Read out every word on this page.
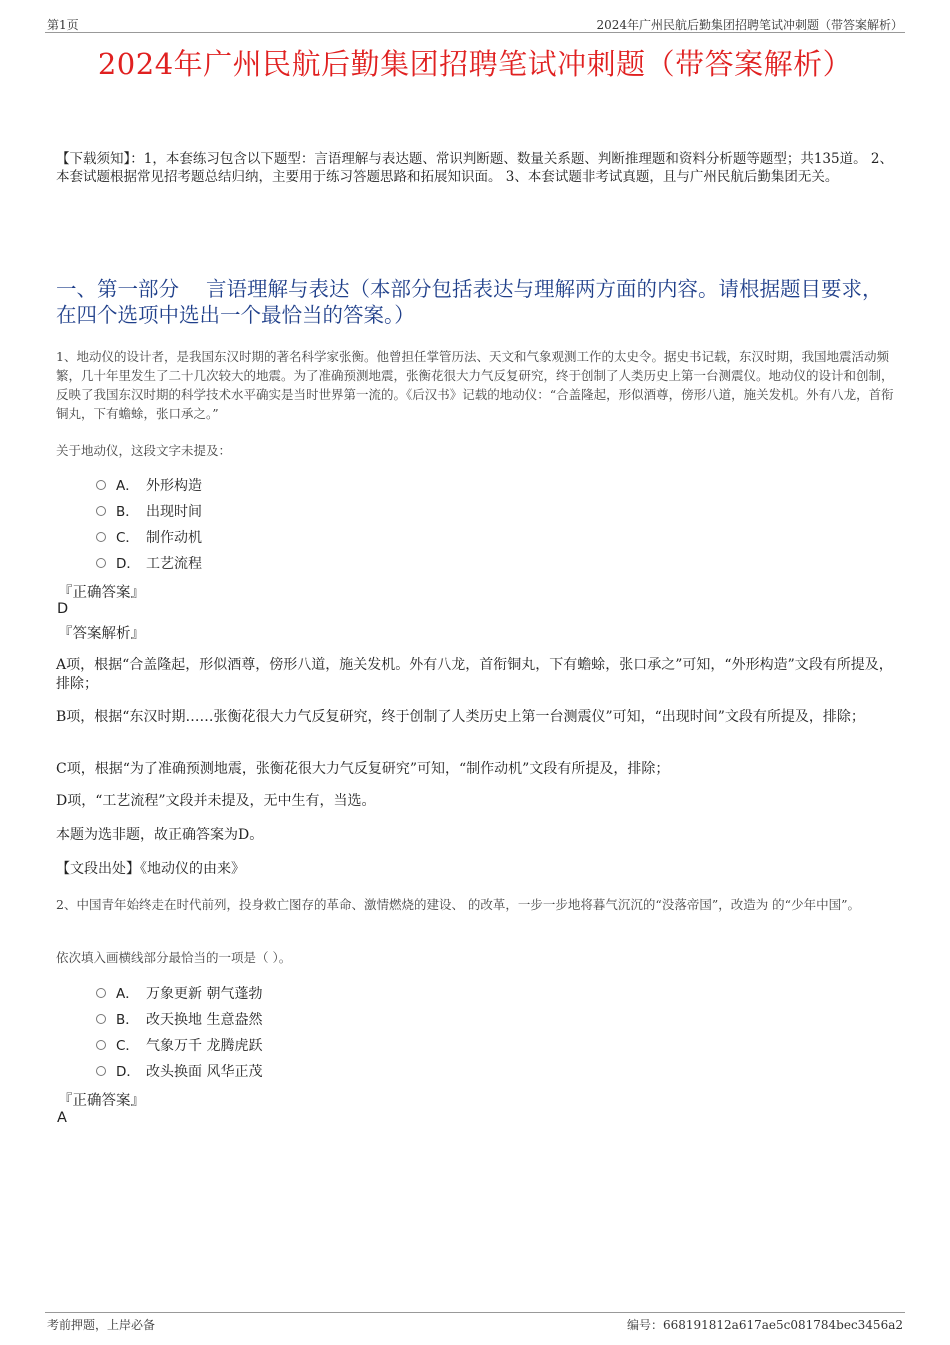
第1页	2024年广州民航后勤集团招聘笔试冲刺题（带答案解析）
2024年广州民航后勤集团招聘笔试冲刺题（带答案解析）
【下载须知】：1，本套练习包含以下题型：言语理解与表达题、常识判断题、数量关系题、判断推理题和资料分析题等题型；共135道。 2、本套试题根据常见招考题总结归纳，主要用于练习答题思路和拓展知识面。 3、本套试题非考试真题，且与广州民航后勤集团无关。
一、第一部分　 言语理解与表达（本部分包括表达与理解两方面的内容。请根据题目要求，在四个选项中选出一个最恰当的答案。）
1、地动仪的设计者，是我国东汉时期的著名科学家张衡。他曾担任掌管历法、天文和气象观测工作的太史令。据史书记载，东汉时期，我国地震活动频繁，几十年里发生了二十几次较大的地震。为了准确预测地震，张衡花很大力气反复研究，终于创制了人类历史上第一台测震仪。地动仪的设计和创制，反映了我国东汉时期的科学技术水平确实是当时世界第一流的。《后汉书》记载的地动仪：“合盖隆起，形似酒尊，傍形八道，施关发机。外有八龙，首衔铜丸，下有蟾蜍，张口承之。”
关于地动仪，这段文字未提及：
A． 外形构造
B． 出现时间
C． 制作动机
D． 工艺流程
『正确答案』
D
『答案解析』
A项，根据“合盖隆起，形似酒尊，傍形八道，施关发机。外有八龙，首衔铜丸，下有蟾蜍，张口承之”可知，“外形构造”文段有所提及，排除；
B项，根据“东汉时期……张衡花很大力气反复研究，终于创制了人类历史上第一台测震仪”可知，“出现时间”文段有所提及，排除；
C项，根据“为了准确预测地震，张衡花很大力气反复研究”可知，“制作动机”文段有所提及，排除；
D项，“工艺流程”文段并未提及，无中生有，当选。
本题为选非题，故正确答案为D。
【文段出处】《地动仪的由来》
2、中国青年始终走在时代前列，投身救亡图存的革命、激情燃烧的建设、 的改革，一步一步地将暮气沉沉的“没落帝国”，改造为 的“少年中国”。
依次填入画横线部分最恰当的一项是（ ）。
A． 万象更新 朝气蓬勃
B． 改天换地 生意盎然
C． 气象万千 龙腾虎跃
D． 改头换面 风华正茂
『正确答案』
A
考前押题，上岸必备	编号：668191812a617ae5c081784bec3456a2
